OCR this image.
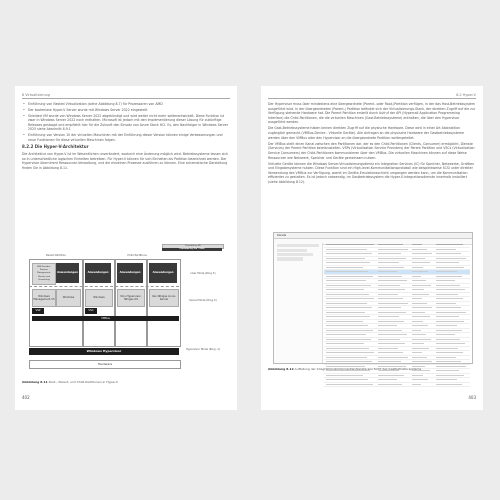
8 Virtualisierung
• Einführung von Nested Virtualization (siehe Abbildung 8.7) für Prozessoren von AMD
• Der kostenlose Hyper-V Server wurde mit Windows Server 2022 eingestellt
• Shielded VM wurde von Windows Server 2022 abgekündigt und wird weiter nicht mehr weiterentwickelt. Diese Funktion ist zwar in Windows Server 2022 noch enthalten. Microsoft ist jedoch mit den Implementierung dieser Lösung für zukünftige Releases gestoppt und empfiehlt hier für die Zukunft den Einsatz von Azure Stack HCI. Es, den Nachfolger in Windows Server 2025 siehe Abschnitt 8.9.1
• Einführung von Version 10 der virtuellen Maschinen mit der Einführung dieser Version können einige Verbesserungen und neue Funktionen für diese virtuellen Maschinen folgen.
8.2.2 Die Hyper-V-Architektur

Die Architektur von Hyper-V ist im Wesentlichen unverändert, wodurch eine Änderung möglich wird. Betriebssysteme lassen sich so in unterschiedliche logischen Einheiten betreiben. Für Hyper-V können für sich Einheiten als Partition bezeichnet werden. Der Hypervisor übernimmt Ressourcen-Verwaltung, und die einzelnen Prozesse ausführen zu können. Eine schematische Darstellung finden Sie in Abbildung 8.11.

Provided by MS
Provided by ISV / OEM
Parent Partition	Child Partitions
WMI Provider, Prozess-Management, Dienste und Verwaltung
Anwendungen	Anwendungen	Anwendungen	Anwendungen
Windows Management V5
Windows	Windows
Non-Hypervisor-fähiges OS
Xen-fähiges Linux-Kernel
VSP	VSC
VMBus
User Mode (Ring 3)
Kernel Mode (Ring 0)
Windows Hypervisor	Hypervisor Mode (Ring -1)
Hardware
Abbildung 8.11 Root-, Parent- und Child-Partitionen in Hyper-V
402
8.2 Hyper-V

Der Hypervisor muss über mindestens eine übergeordnete (Parent- oder Root-)Partition verfügen, in der das Host-Betriebssystem ausgeführt wird. In der übergeordneten (Parent-) Partition befindet sich der Virtualisierungs-Stack, der direkten Zugriff auf die zur Verfügung stehende Hardware hat. Die Parent Partition erstellt durch Aufruf der API (Hypercall Application Programming Interface) die Child-Partitionen, die die virtuellen Maschinen (Gast-Betriebssysteme) enthalten, die über den Hypervisor ausgeführt werden.

Die Gast-Betriebssysteme haben keinen direkten Zugriff auf die physische Hardware. Diese wird in einer Art Abstraktion zugänglich gemacht (VMBus-Device - Virtuelle Geräte). Alle Anfragen an die physische Hardware der Gastbetriebssysteme werden über den VMBus oder den Hypervisor an die übergeordnete Partition weitergeleitet.

Der VMBus stellt einen Kanal zwischen den Partitionen dar, der es den Child-Partitionen (Clients, Consumer) ermöglicht, Dienste (Services) der Parent Partition bereitzustellen. VSPs (Virtualization Service Providers) der Parent Partition und VSCs (Virtualization Service Consumers) der Child-Partitionen kommunizieren über den VMBus. Die virtuellen Maschinen können auf diese Weise Ressourcen wie Netzwerk, Speicher und Geräte gemeinsam nutzen.

Virtuelle Geräte können die Windows Server-Virtualisierungsdienst ein Integration Services (IC) für Speicher, Netzwerke, Grafiken und Eingabesysteme nutzen. Diese Funktion sind ein High-level-Kommunikationsprotokoll wie beispielsweise SCSI unter direkter Verwendung des VMBus zur Verfügung, womit im Geräte-Emulationsschicht umgangen werden kann, um die Kommunikation effizienter zu gestalten. Es ist jedoch notwendig, im Gastbetriebssystem die Hyper-V-Integrationsdienste innerhalb installiert (siehe Abbildung 8.12).

Dienste
Abbildung 8.12 Auflistung der Integrationskomponentendienste aus Sicht des Gastbetriebs-systems
403
